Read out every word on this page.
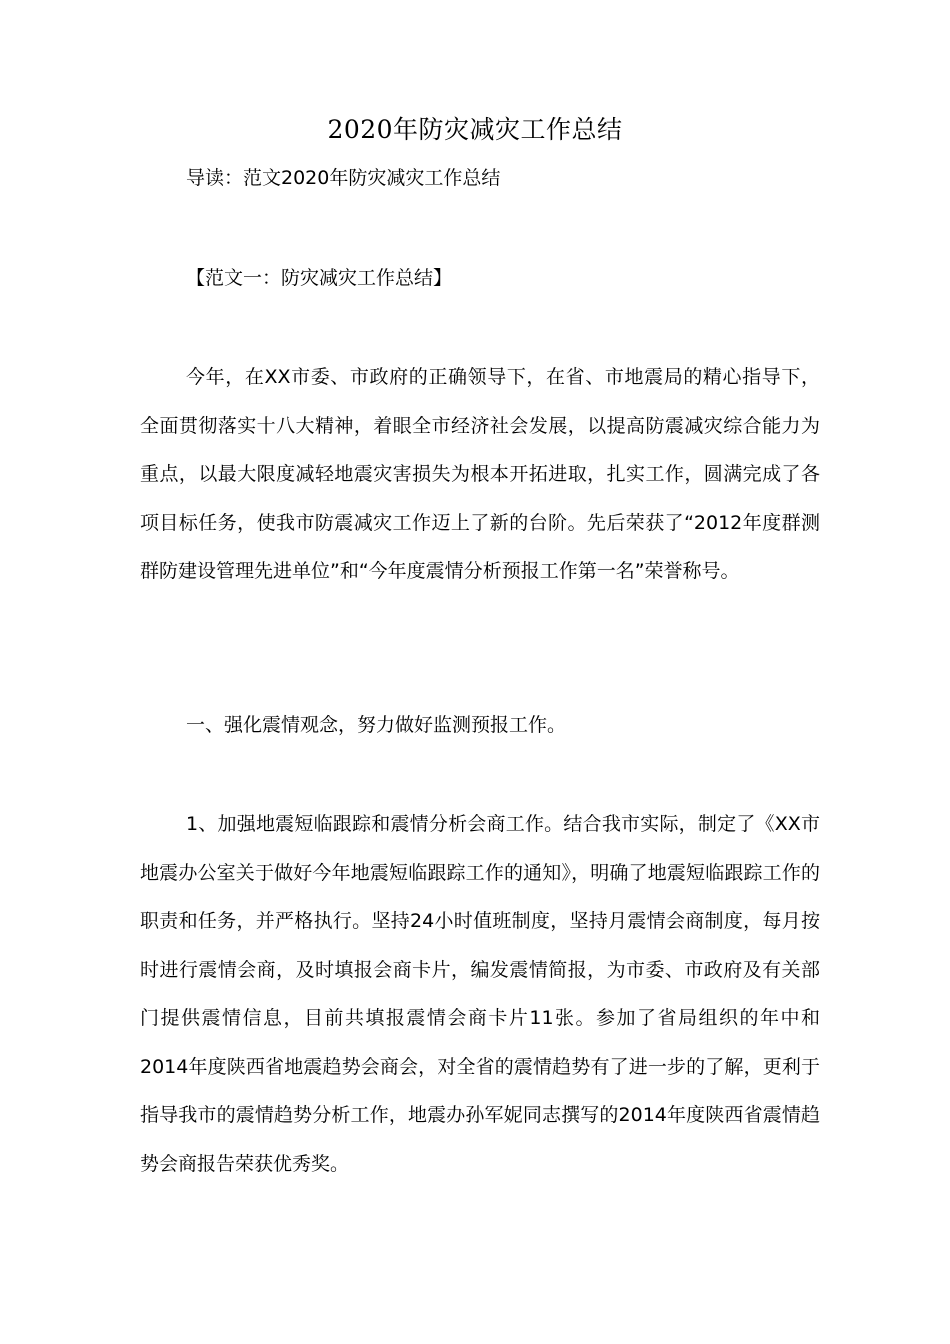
2020年防灾减灾工作总结
导读：范文2020年防灾减灾工作总结
【范文一：防灾减灾工作总结】

今年，在XX市委、市政府的正确领导下，在省、市地震局的精心指导下，全面贯彻落实十八大精神，着眼全市经济社会发展，以提高防震减灾综合能力为重点，以最大限度减轻地震灾害损失为根本开拓进取，扎实工作，圆满完成了各项目标任务，使我市防震减灾工作迈上了新的台阶。先后荣获了“2012年度群测群防建设管理先进单位”和“今年度震情分析预报工作第一名”荣誉称号。

一、强化震情观念，努力做好监测预报工作。

1、加强地震短临跟踪和震情分析会商工作。结合我市实际，制定了《XX市地震办公室关于做好今年地震短临跟踪工作的通知》，明确了地震短临跟踪工作的职责和任务，并严格执行。坚持24小时值班制度，坚持月震情会商制度，每月按时进行震情会商，及时填报会商卡片，编发震情简报，为市委、市政府及有关部门提供震情信息，目前共填报震情会商卡片11张。参加了省局组织的年中和2014年度陕西省地震趋势会商会，对全省的震情趋势有了进一步的了解，更利于指导我市的震情趋势分析工作，地震办孙军妮同志撰写的2014年度陕西省震情趋势会商报告荣获优秀奖。
